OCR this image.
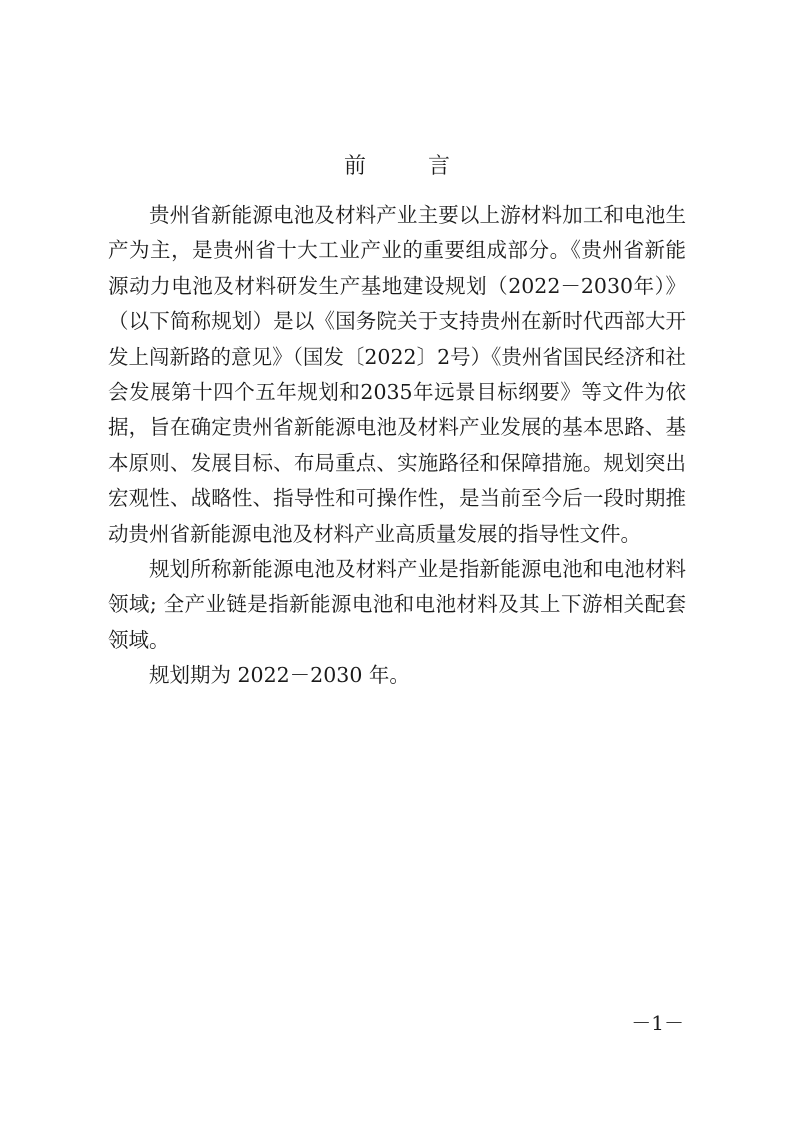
前　言

贵州省新能源电池及材料产业主要以上游材料加工和电池生产为主，是贵州省十大工业产业的重要组成部分。《贵州省新能源动力电池及材料研发生产基地建设规划（2022－2030年）》（以下简称规划）是以《国务院关于支持贵州在新时代西部大开发上闯新路的意见》（国发〔2022〕2号）《贵州省国民经济和社会发展第十四个五年规划和2035年远景目标纲要》等文件为依据，旨在确定贵州省新能源电池及材料产业发展的基本思路、基本原则、发展目标、布局重点、实施路径和保障措施。规划突出宏观性、战略性、指导性和可操作性，是当前至今后一段时期推动贵州省新能源电池及材料产业高质量发展的指导性文件。

规划所称新能源电池及材料产业是指新能源电池和电池材料领域; 全产业链是指新能源电池和电池材料及其上下游相关配套领域。

规划期为 2022－2030 年。

－1－
